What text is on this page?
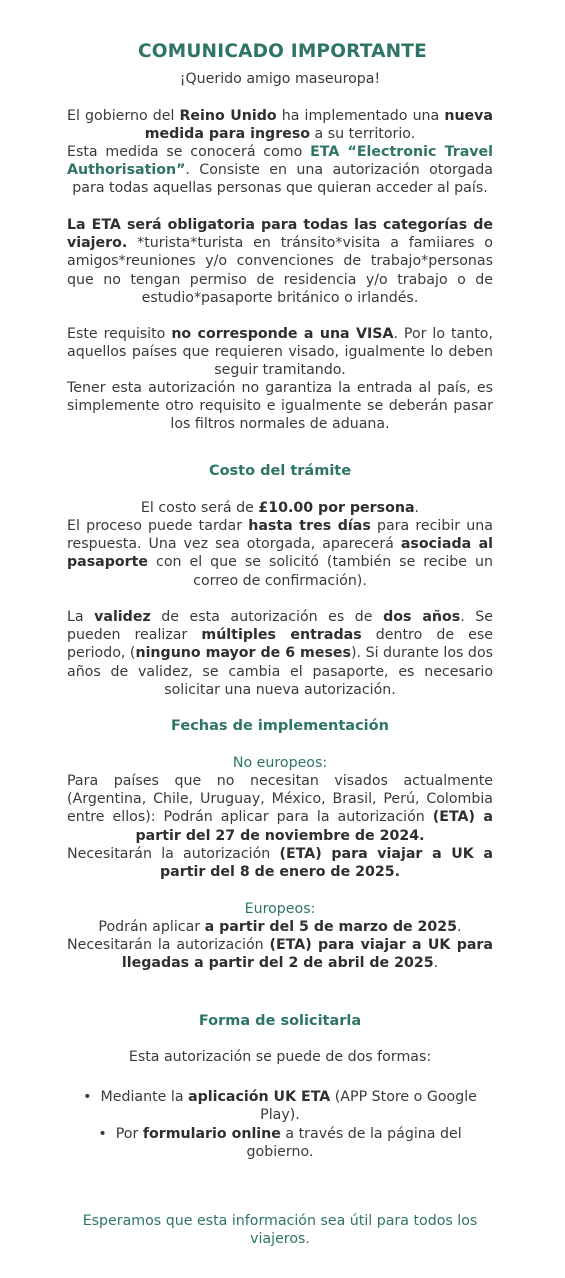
COMUNICADO IMPORTANTE

¡Querido amigo maseuropa!

El gobierno del Reino Unido ha implementado una nueva medida para ingreso a su territorio.

Esta medida se conocerá como ETA “Electronic Travel Authorisation”. Consiste en una autorización otorgada para todas aquellas personas que quieran acceder al país.

La ETA será obligatoria para todas las categorías de viajero. *turista*turista en tránsito*visita a famiiares o amigos*reuniones y/o convenciones de trabajo*personas que no tengan permiso de residencia y/o trabajo o de estudio*pasaporte británico o irlandés.

Este requisito no corresponde a una VISA. Por lo tanto, aquellos países que requieren visado, igualmente lo deben seguir tramitando.

Tener esta autorización no garantiza la entrada al país, es simplemente otro requisito e igualmente se deberán pasar los filtros normales de aduana.

Costo del trámite

El costo será de £10.00 por persona.

El proceso puede tardar hasta tres días para recibir una respuesta. Una vez sea otorgada, aparecerá asociada al pasaporte con el que se solicitó (también se recibe un correo de confirmación).

La validez de esta autorización es de dos años. Se pueden realizar múltiples entradas dentro de ese periodo, (ninguno mayor de 6 meses). Si durante los dos años de validez, se cambia el pasaporte, es necesario solicitar una nueva autorización.

Fechas de implementación

No europeos:

Para países que no necesitan visados actualmente (Argentina, Chile, Uruguay, México, Brasil, Perú, Colombia entre ellos): Podrán aplicar para la autorización (ETA) a partir del 27 de noviembre de 2024.

Necesitarán la autorización (ETA) para viajar a UK a partir del 8 de enero de 2025.

Europeos:

Podrán aplicar a partir del 5 de marzo de 2025.

Necesitarán la autorización (ETA) para viajar a UK para llegadas a partir del 2 de abril de 2025.

Forma de solicitarla

Esta autorización se puede de dos formas:

•  Mediante la aplicación UK ETA (APP Store o Google Play).

•  Por formulario online a través de la página del gobierno.

Esperamos que esta información sea útil para todos los viajeros.
